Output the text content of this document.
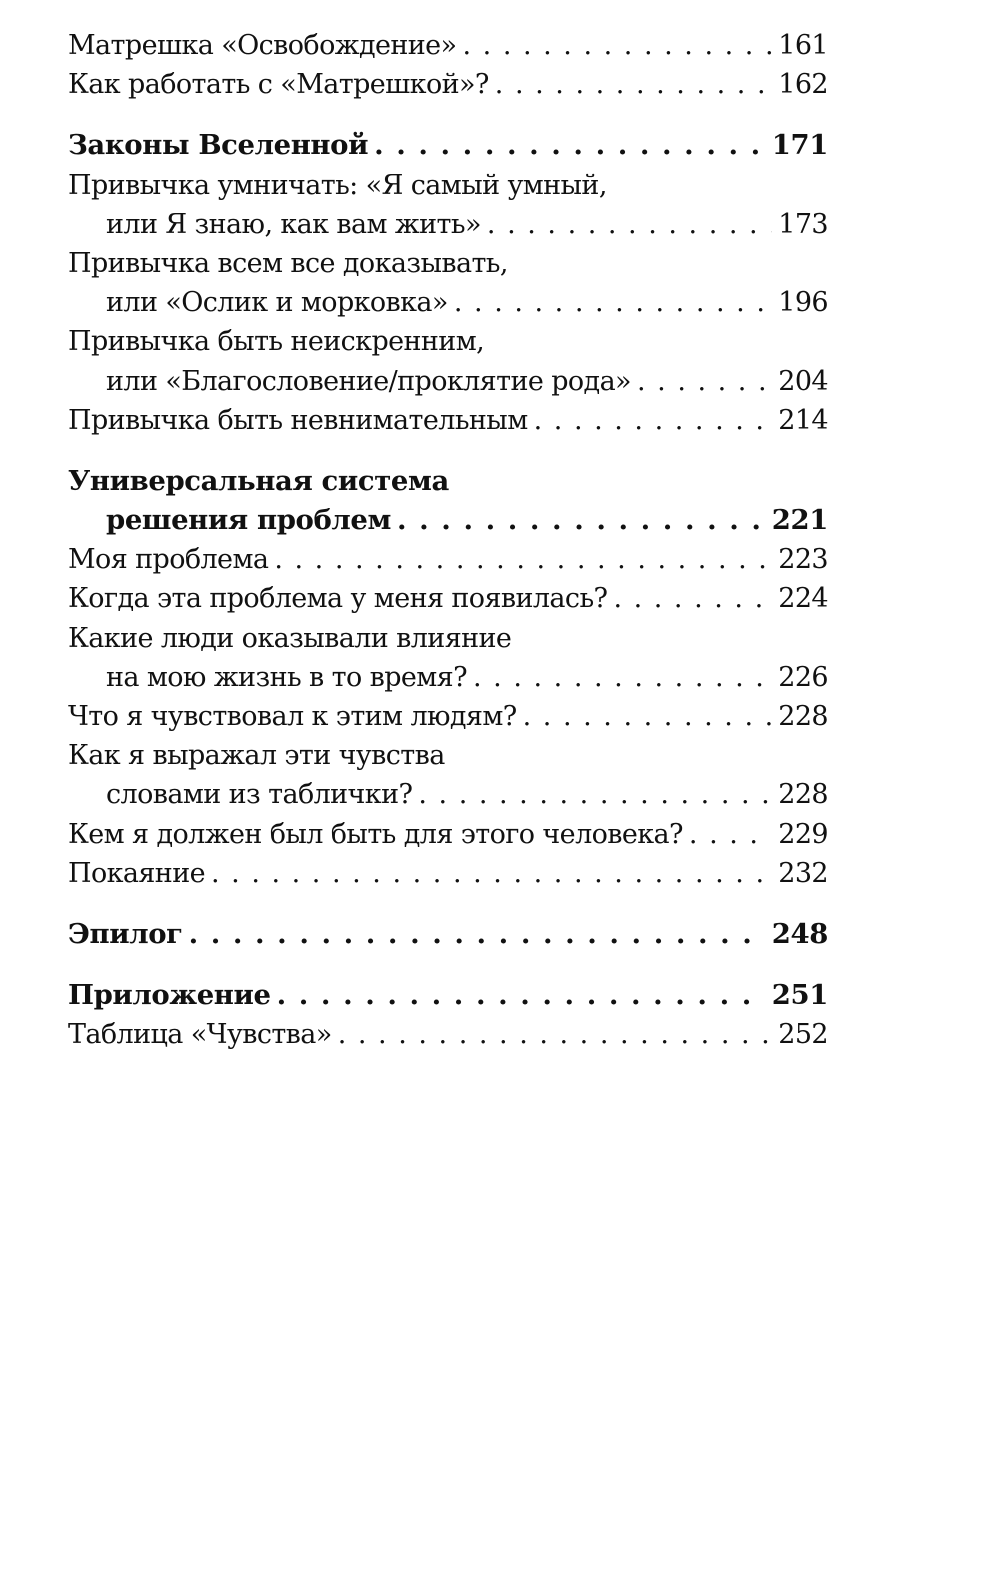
Матрешка «Освобождение» . . .	161
Как работать с «Матрешкой»? . . .	162
Законы Вселенной . . .	171
Привычка умничать: «Я самый умный,
или Я знаю, как вам жить» . . .	173
Привычка всем все доказывать,
или «Ослик и морковка» . . .	196
Привычка быть неискренним,
или «Благословение/проклятие рода» . . .	204
Привычка быть невнимательным . . .	214
Универсальная система
решения проблем . . .	221
Моя проблема . . .	223
Когда эта проблема у меня появилась? . . .	224
Какие люди оказывали влияние
на мою жизнь в то время? . . .	226
Что я чувствовал к этим людям? . . .	228
Как я выражал эти чувства
словами из таблички? . . .	228
Кем я должен был быть для этого человека? . . .	229
Покаяние . . .	232
Эпилог . . .	248
Приложение . . .	251
Таблица «Чувства» . . .	252
